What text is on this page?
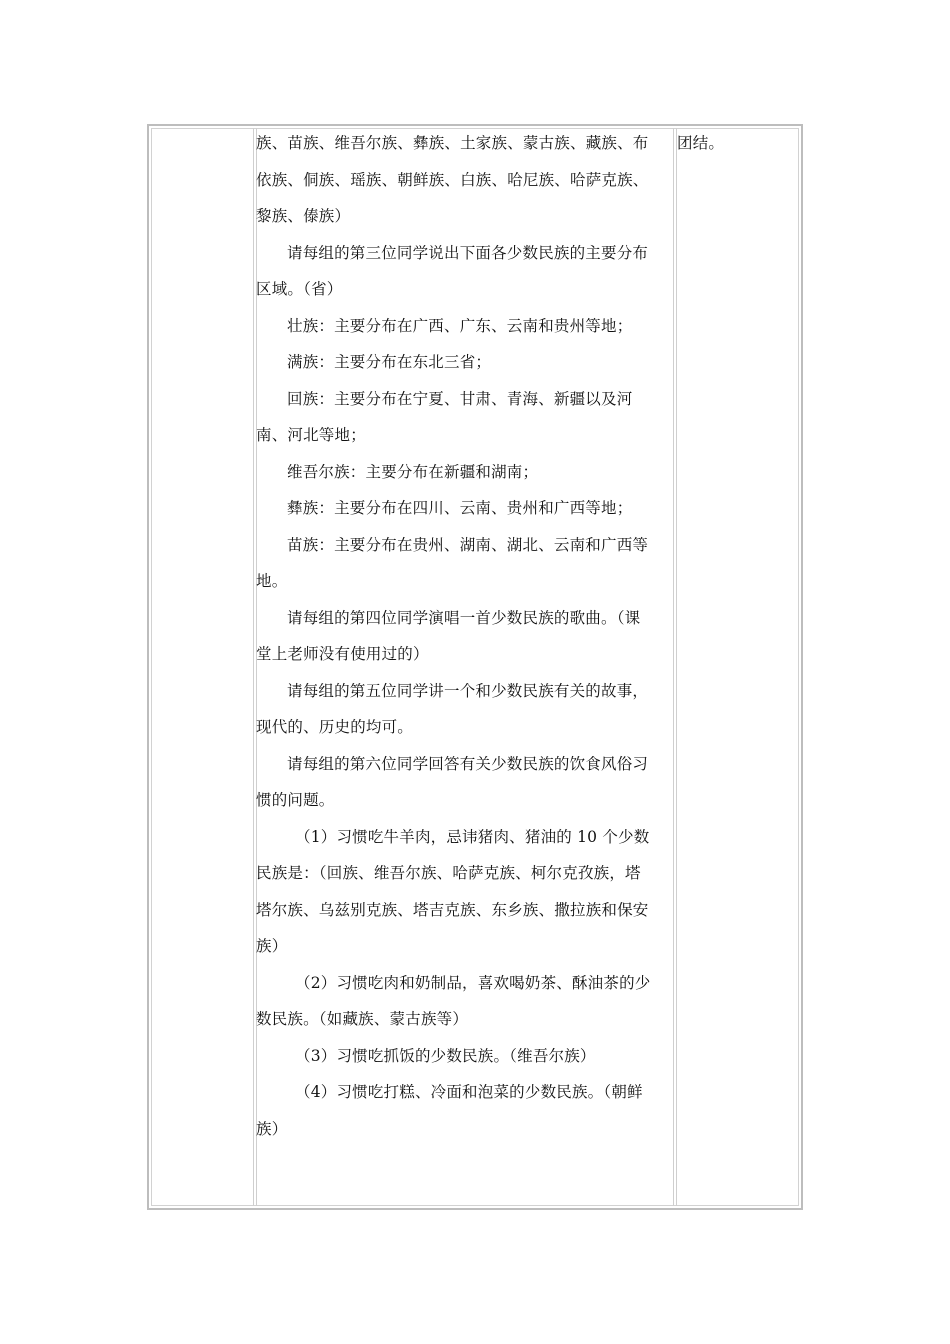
族、苗族、维吾尔族、彝族、土家族、蒙古族、藏族、布
依族、侗族、瑶族、朝鲜族、白族、哈尼族、哈萨克族、
黎族、傣族）
请每组的第三位同学说出下面各少数民族的主要分布
区域。（省）
壮族：主要分布在广西、广东、云南和贵州等地；
满族：主要分布在东北三省；
回族：主要分布在宁夏、甘肃、青海、新疆以及河
南、河北等地；
维吾尔族：主要分布在新疆和湖南；
彝族：主要分布在四川、云南、贵州和广西等地；
苗族：主要分布在贵州、湖南、湖北、云南和广西等
地。
请每组的第四位同学演唱一首少数民族的歌曲。（课
堂上老师没有使用过的）
请每组的第五位同学讲一个和少数民族有关的故事，
现代的、历史的均可。
请每组的第六位同学回答有关少数民族的饮食风俗习
惯的问题。
（1）习惯吃牛羊肉，忌讳猪肉、猪油的 10 个少数
民族是：（回族、维吾尔族、哈萨克族、柯尔克孜族，塔
塔尔族、乌兹别克族、塔吉克族、东乡族、撒拉族和保安
族）
（2）习惯吃肉和奶制品，喜欢喝奶茶、酥油茶的少
数民族。（如藏族、蒙古族等）
（3）习惯吃抓饭的少数民族。（维吾尔族）
（4）习惯吃打糕、冷面和泡菜的少数民族。（朝鲜
族）
团结。
